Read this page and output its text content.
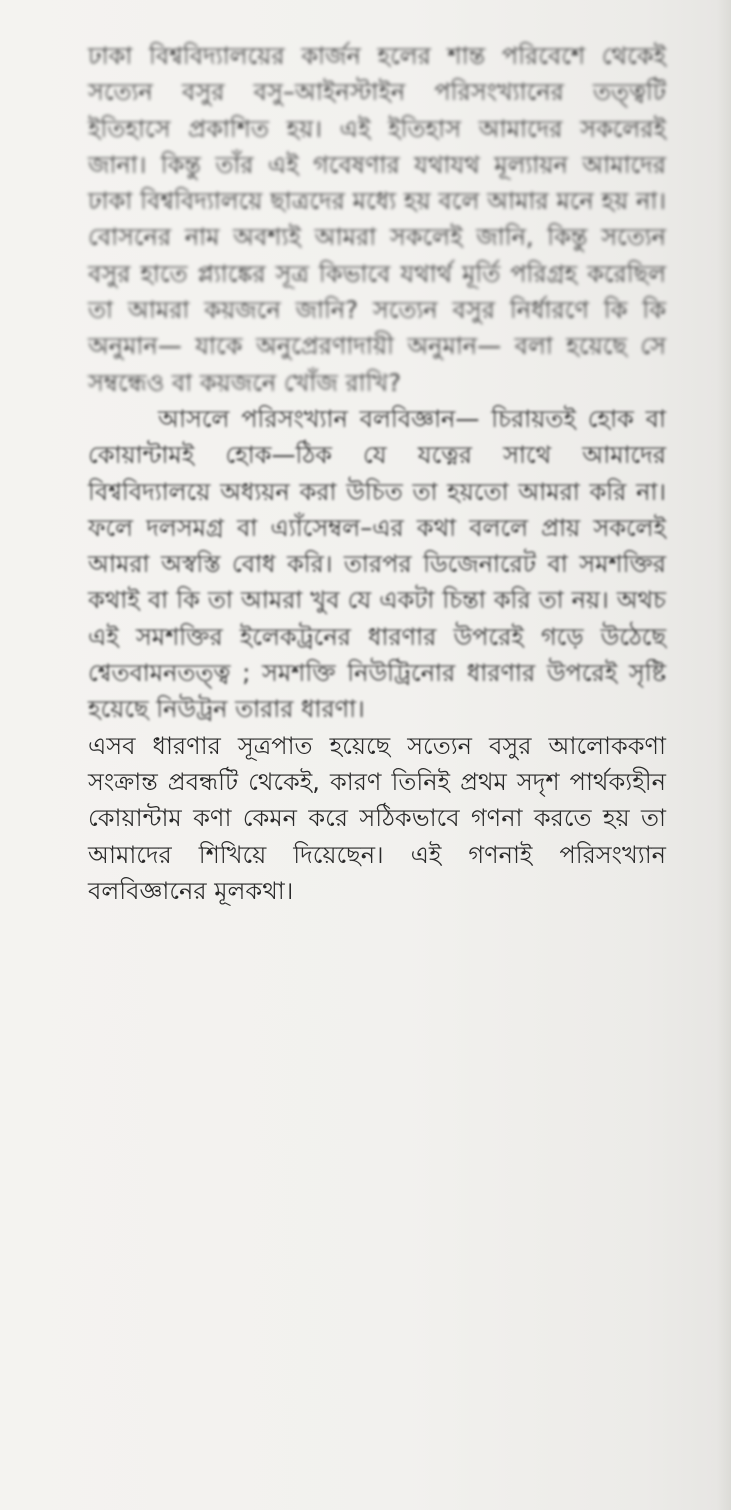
ঢাকা বিশ্ববিদ্যালয়ের কার্জন হলের শান্ত পরিবেশে থেকেই সত্যেন বসুর বসু–আইনস্টাইন পরিসংখ্যানের তত্ত্বটি ইতিহাসে প্রকাশিত হয়। এই ইতিহাস আমাদের সকলেরই জানা। কিন্তু তাঁর এই গবেষণার যথাযথ মূল্যায়ন আমাদের ঢাকা বিশ্ববিদ্যালয়ে ছাত্রদের মধ্যে হয় বলে আমার মনে হয় না। বোসনের নাম অবশ্যই আমরা সকলেই জানি, কিন্তু সত্যেন বসুর হাতে প্ল্যাঙ্কের সূত্র কিভাবে যথার্থ মূর্তি পরিগ্রহ করেছিল তা আমরা কয়জনে জানি? সত্যেন বসুর নির্ধারণে কি কি অনুমান— যাকে অনুপ্রেরণাদায়ী অনুমান— বলা হয়েছে সে সম্বন্ধেও বা কয়জনে খোঁজ রাখি?

আসলে পরিসংখ্যান বলবিজ্ঞান— চিরায়তই হোক বা কোয়ান্টামই হোক—ঠিক যে যত্নের সাথে আমাদের বিশ্ববিদ্যালয়ে অধ্যয়ন করা উচিত তা হয়তো আমরা করি না। ফলে দলসমগ্র বা এ্যাঁসেম্বল–এর কথা বললে প্রায় সকলেই আমরা অস্বস্তি বোধ করি। তারপর ডিজেনারেট বা সমশক্তির কথাই বা কি তা আমরা খুব যে একটা চিন্তা করি তা নয়। অথচ এই সমশক্তির ইলেকট্রনের ধারণার উপরেই গড়ে উঠেছে শ্বেতবামনতত্ত্ব ; সমশক্তি নিউট্রিনোর ধারণার উপরেই সৃষ্টি হয়েছে নিউট্রন তারার ধারণা।

এসব ধারণার সূত্রপাত হয়েছে সত্যেন বসুর আলোককণা সংক্রান্ত প্রবন্ধটি থেকেই, কারণ তিনিই প্রথম সদৃশ পার্থক্যহীন কোয়ান্টাম কণা কেমন করে সঠিকভাবে গণনা করতে হয় তা আমাদের শিখিয়ে দিয়েছেন। এই গণনাই পরিসংখ্যান বলবিজ্ঞানের মূলকথা।
